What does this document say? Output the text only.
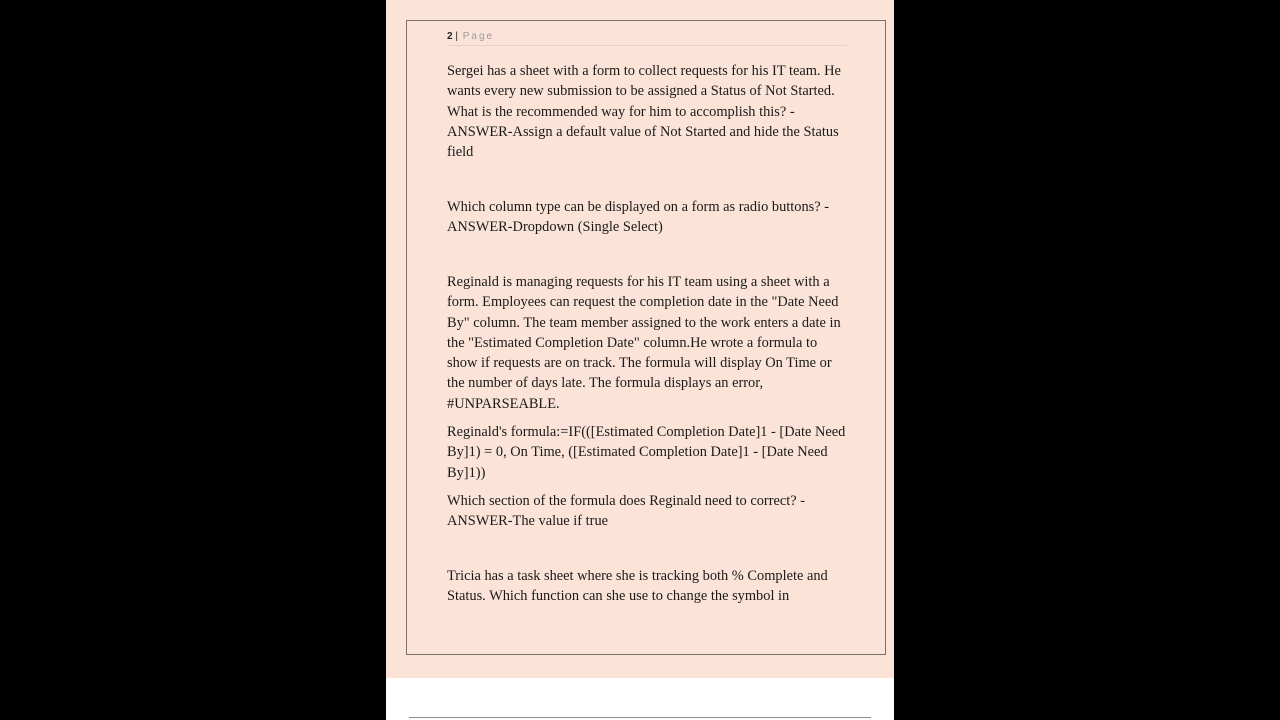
2 | Page

Sergei has a sheet with a form to collect requests for his IT team. He wants every new submission to be assigned a Status of Not Started. What is the recommended way for him to accomplish this? - ANSWER-Assign a default value of Not Started and hide the Status field

Which column type can be displayed on a form as radio buttons? - ANSWER-Dropdown (Single Select)

Reginald is managing requests for his IT team using a sheet with a form. Employees can request the completion date in the "Date Need By" column. The team member assigned to the work enters a date in the "Estimated Completion Date" column.He wrote a formula to show if requests are on track. The formula will display On Time or the number of days late. The formula displays an error, #UNPARSEABLE.

Reginald's formula:=IF(([Estimated Completion Date]1 - [Date Need By]1) = 0, On Time, ([Estimated Completion Date]1 - [Date Need By]1))

Which section of the formula does Reginald need to correct? - ANSWER-The value if true

Tricia has a task sheet where she is tracking both % Complete and Status. Which function can she use to change the symbol in
